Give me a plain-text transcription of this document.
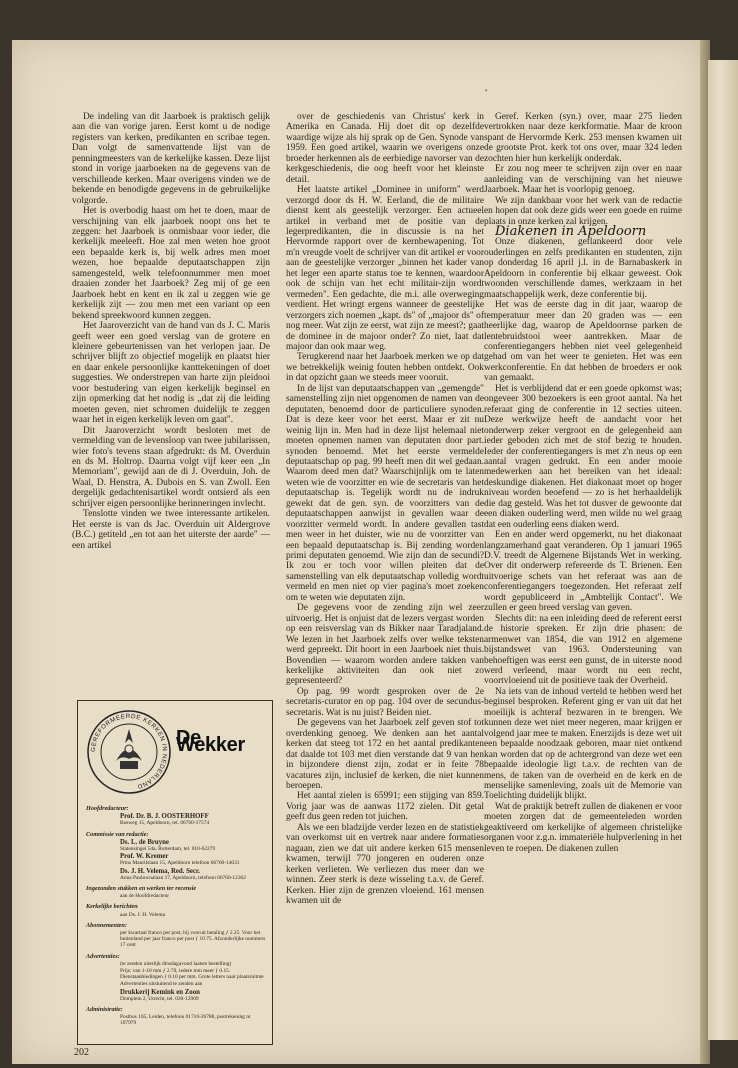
•

De indeling van dit Jaarboek is praktisch gelijk aan die van vorige jaren. Eerst komt u de nodige registers van kerken, predikanten en scribae tegen. Dan volgt de samenvattende lijst van de penningmeesters van de kerkelijke kassen. Deze lijst stond in vorige jaarboeken na de gegevens van de verschillende kerken. Maar overigens vinden we de bekende en benodigde gegevens in de gebruikelijke volgorde.

Het is overbodig haast om het te doen, maar de verschijning van elk jaarboek noopt ons het te zeggen: het Jaarboek is onmisbaar voor ieder, die kerkelijk meeleeft. Hoe zal men weten hoe groot een bepaalde kerk is, bij welk adres men moet wezen, hoe bepaalde deputaatschappen zijn samengesteld, welk telefoonnummer men moet draaien zonder het Jaarboek? Zeg mij of ge een Jaarboek hebt en kent en ik zal u zeggen wie ge kerkelijk zijt — zou men met een variant op een bekend spreekwoord kunnen zeggen.

Het Jaaroverzicht van de hand van ds J. C. Maris geeft weer een goed verslag van de grotere en kleinere gebeurtenissen van het verlopen jaar. De schrijver blijft zo objectief mogelijk en plaatst hier en daar enkele persoonlijke kanttekeningen of doet suggesties. We onderstrepen van harte zijn pleidooi voor bestudering van eigen kerkelijk beginsel en zijn opmerking dat het nodig is „dat zij die leiding moeten geven, niet schromen duidelijk te zeggen waar het in eigen kerkelijk leven om gaat".

Dit Jaaroverzicht wordt besloten met de vermelding van de levensloop van twee jubilarissen, wier foto's tevens staan afgedrukt: ds M. Overduin en ds M. Holtrop. Daarna volgt vijf keer een „In Memoriam", gewijd aan de di J. Overduin, Joh. de Waal, D. Henstra, A. Dubois en S. van Zwoll. Een dergelijk gedachtenisartikel wordt ontsierd als een schrijver eigen persoonlijke herinneringen invlecht.

Tenslotte vinden we twee interessante artikelen. Het eerste is van ds Jac. Overduin uit Aldergrove (B.C.) getiteld „en tot aan het uiterste der aarde" — een artikel

over de geschiedenis van Christus' kerk in Amerika en Canada. Hij doet dit op dezelfde waardige wijze als hij sprak op de Gen. Synode van 1959. Een goed artikel, waarin we overigens onze broeder herkennen als de eerbiedige navorser van de kerkgeschiedenis, die oog heeft voor het kleinste detail.

Het laatste artikel „Dominee in uniform" werd verzorgd door ds H. W. Eerland, die de militaire dienst kent als geestelijk verzorger. Een actueel artikel in verband met de positie van de legerpredikanten, die in discussie is na het Hervormde rapport over de kernbewapening. Tot m'n vreugde voelt de schrijver van dit artikel er voor aan de geestelijke verzorger „binnen het kader van het leger een aparte status toe te kennen, waardoor ook de schijn van het echt militair-zijn wordt vermeden". Een gedachte, die m.i. alle overweging verdient. Het wringt ergens wanneer de geestelijke verzorgers zich noemen „kapt. ds" of „majoor ds" of nog meer. Wat zijn ze eerst, wat zijn ze meest?; gaat de dominee in de majoor onder? Zo niet, laat dat majoor dan ook maar weg.

Terugkerend naar het Jaarboek merken we op dat we betrekkelijk weinig fouten hebben ontdekt. Ook in dat opzicht gaan we steeds meer vooruit.

In de lijst van deputaatschappen van „gemengde" samenstelling zijn niet opgenomen de namen van de deputaten, benoemd door de particuliere synoden. Dat is deze keer voor het eerst. Maar er zit nu weinig lijn in. Men had in deze lijst helemaal niet moeten opnemen namen van deputaten door part. synoden benoemd. Met het eerste vermelde deputaatschap op pag. 99 heeft men dit wel gedaan. Waarom deed men dat? Waarschijnlijk om te laten weten wie de voorzitter en wie de secretaris van het deputaatschap is. Tegelijk wordt nu de indruk gewekt dat de gen. syn. de voorzitters van de deputaatschappen aanwijst in gevallen waar de voorzitter vermeld wordt. In andere gevallen tast men weer in het duister, wie nu de voorzitter van een bepaald deputaatschap is. Bij zending worden primi deputaten genoemd. Wie zijn dan de secundi? Ik zou er toch voor willen pleiten dat de samenstelling van elk deputaatschap volledig wordt vermeld en men niet op vier pagina's moet zoeken om te weten wie deputaten zijn.

De gegevens voor de zending zijn wel zeer uitvoerig. Het is onjuist dat de lezers vergast worden op een reisverslag van ds Bikker naar Taradjaland. We lezen in het Jaarboek zelfs over welke teksten werd gepreekt. Dit hoort in een Jaarboek niet thuis. Bovendien — waarom worden andere takken van kerkelijke aktiviteiten dan ook niet zo gepresenteerd?

Op pag. 99 wordt gesproken over de 2e secretaris-curator en op pag. 104 over de secundus-secretaris. Wat is nu juist? Beiden niet.

De gegevens van het Jaarboek zelf geven stof tot overdenking genoeg. We denken aan het aantal kerken dat steeg tot 172 en het aantal predikanten dat daalde tot 103 met dien verstande dat 9 van hen in bijzondere dienst zijn, zodat er in feite 78 vacatures zijn, inclusief de kerken, die niet kunnen beroepen.

Het aantal zielen is 65991; een stijging van 859. Vorig jaar was de aanwas 1172 zielen. Dit getal geeft dus geen reden tot juichen.

Als we een bladzijde verder lezen en de statistiek van overkomst uit en vertrek naar andere formaties nagaan, zien we dat uit andere kerken 615 mensen kwamen, terwijl 770 jongeren en ouderen onze kerken verlieten. We verliezen dus meer dan we winnen. Zeer sterk is deze wisseling t.a.v. de Geref. Kerken. Hier zijn de grenzen vloeiend. 161 mensen kwamen uit de

Geref. Kerken (syn.) over, maar 275 lieden vertrokken naar deze kerkformatie. Maar de kroon spant de Hervormde Kerk. 253 mensen kwamen uit de grootste Prot. kerk tot ons over, maar 324 leden zochten hier hun kerkelijk onderdak.

Er zou nog meer te schrijven zijn over en naar aanleiding van de verschijning van het nieuwe Jaarboek. Maar het is voorlopig genoeg.

We zijn dankbaar voor het werk van de redactie en hopen dat ook deze gids weer een goede en ruime plaats in onze kerken zal krijgen.

Diakenen in Apeldoorn

Onze diakenen, geflankeerd door vele ouderlingen en zelfs predikanten en studenten, zijn op donderdag 16 april j.l. in de Barnabaskerk in Apeldoorn in conferentie bij elkaar geweest. Ook woonden verschillende dames, werkzaam in het maatschappelijk werk, deze conferentie bij.

Het was de eerste dag in dit jaar, waarop de temperatuur meer dan 20 graden was — een heerlijke dag, waarop de Apeldoornse parken de lentebruidstooi weer aantrekken. Maar de conferentiegangers hebben niet veel gelegenheid gehad om van het weer te genieten. Het was een werkconferentie. En dat hebben de broeders er ook van gemaakt.

Het is verblijdend dat er een goede opkomst was; ongeveer 300 bezoekers is een groot aantal. Na het referaat ging de conferentie in 12 secties uiteen. Deze werkwijze heeft de aandacht voor het onderwerp zeker vergroot en de gelegenheid aan ieder geboden zich met de stof bezig te houden. Ieder der conferentiegangers is met z'n neus op een aantal vragen gedrukt. En een ander mooie medewerken aan het bereiken van het ideaal: deskundige diakenen. Het diakonaat moet op hoger niveau worden beoefend — zo is het herhaaldelijk die dag gesteld. Was het tot dusver de gewoonte dat een diaken ouderling werd, men wilde nu wel graag dat een ouderling eens diaken werd.

Een en ander werd opgemerkt, nu het diakonaat langzamerhand gaat veranderen. Op 1 januari 1965 D.V. treedt de Algemene Bijstands Wet in werking. Over dit onderwerp refereerde ds T. Brienen. Een uitvoerige schets van het referaat was aan de conferentiegangers toegezonden. Het referaat zelf wordt gepubliceerd in „Ambtelijk Contact". We zullen er geen breed verslag van geven.

Slechts dit: na een inleiding deed de referent eerst de historie spreken. Er zijn drie phasen: de armenwet van 1854, die van 1912 en algemene bijstandswet van 1963. Ondersteuning van behoeftigen was eerst een gunst, de in uiterste nood werd verleend, maar wordt nu een recht, voortvloeiend uit de positieve taak der Overheid.

Na iets van de inhoud verteld te hebben werd het beginsel besproken. Referent ging er van uit dat het moeilijk is achteraf bezwaren in te brengen. We kunnen deze wet niet meer negeren, maar krijgen er volgend jaar mee te maken. Enerzijds is deze wet uit een bepaalde noodzaak geboren, maar niet ontkend kan worden dat op de achtergrond van deze wet een bepaalde ideologie ligt t.a.v. de rechten van de mens, de taken van de overheid en de kerk en de menselijke samenleving, zoals uit de Memorie van Toelichting duidelijk blijkt.

Wat de praktijk betreft zullen de diakenen er voor moeten zorgen dat de gemeenteleden worden geaktiveerd om kerkelijke of algemeen christelijke organen voor z.g.n. immateriële hulpverlening in het leven te roepen. De diakenen zullen

GEREFORMEERDE KERKEN IN NEDERLAND
De Wekker
Hoofdredacteur:
Prof. Dr. B. J. OOSTERHOFF
Bosweg 15, Apeldoorn, tel. 06760-17574
Commissie van redactie:
Ds. L. de Bruyne
Statensingel 54a, Rotterdam, tel. 010-62279
Prof. W. Kremer
Prins Mauritslaan 15, Apeldoorn telefoon 06760-14031
Ds. J. H. Velema, Red. Secr.
Anna Paulownalaan 17, Apeldoorn, telefoon 06760-12362
Ingezonden stukken en werken ter recensie
aan de Hoofdredacteur
Kerkelijke berichten
aan Ds. J. H. Velema
Abonnementen:
per kwartaal franco per post, bij vooruit betaling ƒ 2.25. Voor het buitenland per jaar franco per post ƒ 10.75. Afzonderlijke nummers 17 cent
Advertenties:
(te zenden uiterlijk dinsdagavond laatste bestelling)
Prijs: van 1-10 mm ƒ 2.70, iedere mm meer ƒ 0.15. Dienstaanbiedingen ƒ 0.10 per mm. Grote letters naar plaatsruimte
Advertenties uitsluitend te zenden aan
Drukkerij Kemink en Zoon
Domplein 2, Utrecht, tel. 030-12909
Administratie:
Postbus 165, Leiden, telefoon 01710-26788, postrekening nr 107979
202
